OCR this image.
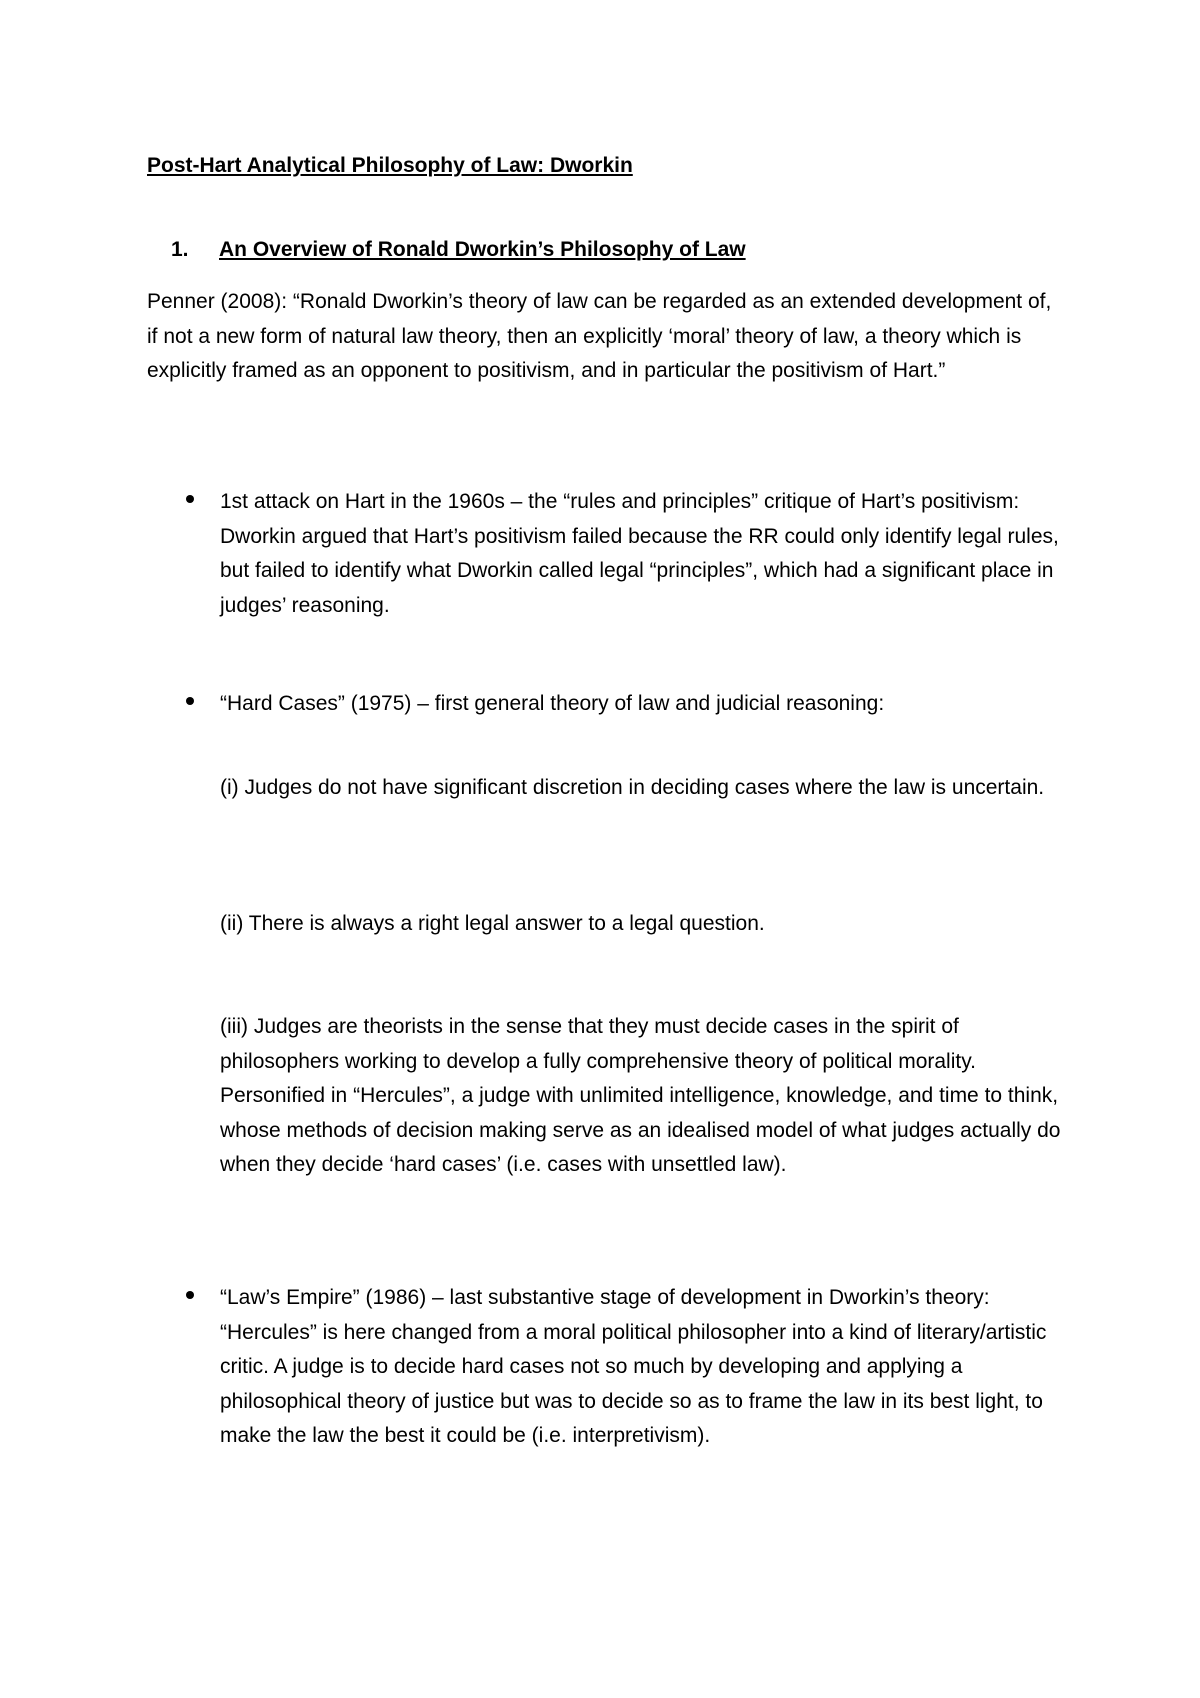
Post-Hart Analytical Philosophy of Law: Dworkin
1. An Overview of Ronald Dworkin’s Philosophy of Law

Penner (2008): “Ronald Dworkin’s theory of law can be regarded as an extended development of, if not a new form of natural law theory, then an explicitly ‘moral’ theory of law, a theory which is explicitly framed as an opponent to positivism, and in particular the positivism of Hart.”

1st attack on Hart in the 1960s – the “rules and principles” critique of Hart’s positivism: Dworkin argued that Hart’s positivism failed because the RR could only identify legal rules, but failed to identify what Dworkin called legal “principles”, which had a significant place in judges’ reasoning.

“Hard Cases” (1975) – first general theory of law and judicial reasoning:

(i) Judges do not have significant discretion in deciding cases where the law is uncertain.

(ii) There is always a right legal answer to a legal question.

(iii) Judges are theorists in the sense that they must decide cases in the spirit of philosophers working to develop a fully comprehensive theory of political morality. Personified in “Hercules”, a judge with unlimited intelligence, knowledge, and time to think, whose methods of decision making serve as an idealised model of what judges actually do when they decide ‘hard cases’ (i.e. cases with unsettled law).

“Law’s Empire” (1986) – last substantive stage of development in Dworkin’s theory: “Hercules” is here changed from a moral political philosopher into a kind of literary/artistic critic. A judge is to decide hard cases not so much by developing and applying a philosophical theory of justice but was to decide so as to frame the law in its best light, to make the law the best it could be (i.e. interpretivism).
